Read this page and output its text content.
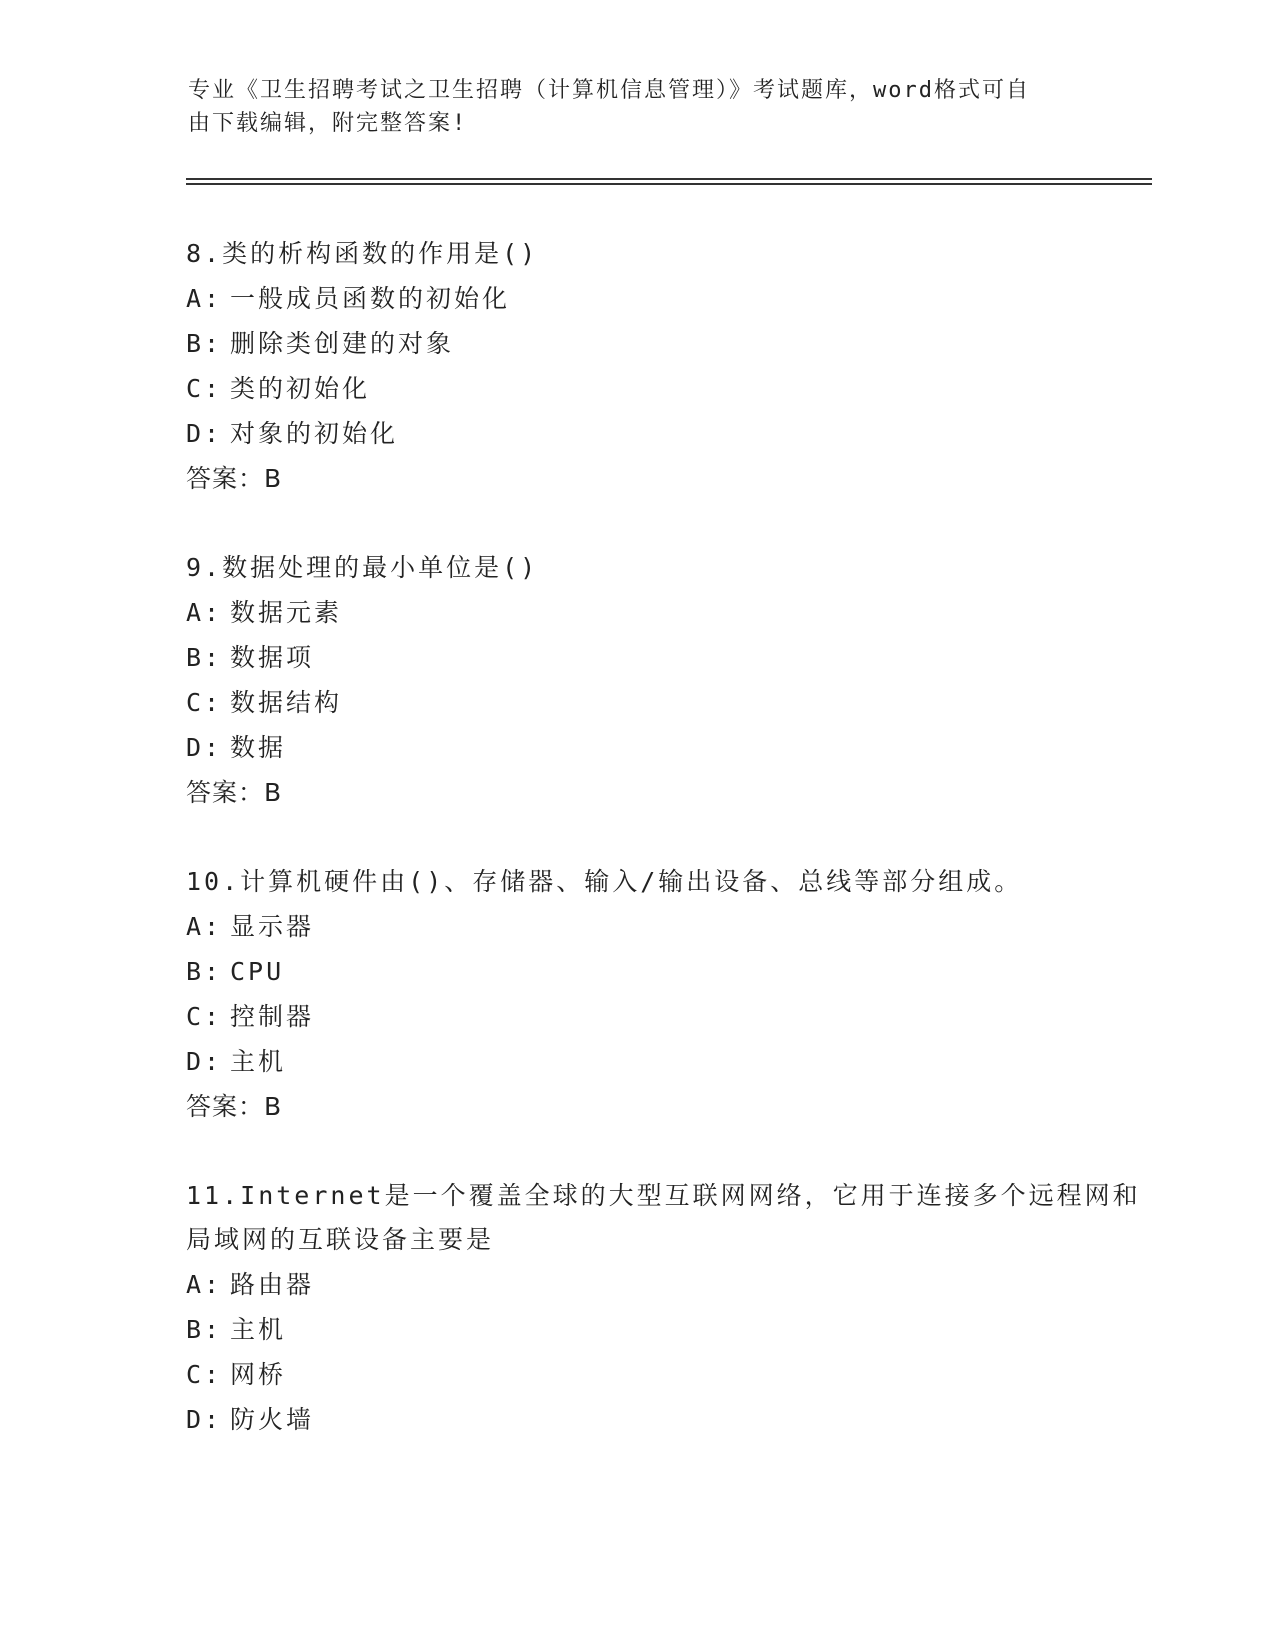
专业《卫生招聘考试之卫生招聘（计算机信息管理）》考试题库，word格式可自
由下载编辑，附完整答案!

8.类的析构函数的作用是()

A: 一般成员函数的初始化
B: 删除类创建的对象
C: 类的初始化
D: 对象的初始化
答案：B

9.数据处理的最小单位是()

A: 数据元素
B: 数据项
C: 数据结构
D: 数据
答案：B

10.计算机硬件由()、存储器、输入/输出设备、总线等部分组成。

A: 显示器
B: CPU
C: 控制器
D: 主机
答案：B

11.Internet是一个覆盖全球的大型互联网网络，它用于连接多个远程网和局域网的互联设备主要是

A: 路由器
B: 主机
C: 网桥
D: 防火墙
